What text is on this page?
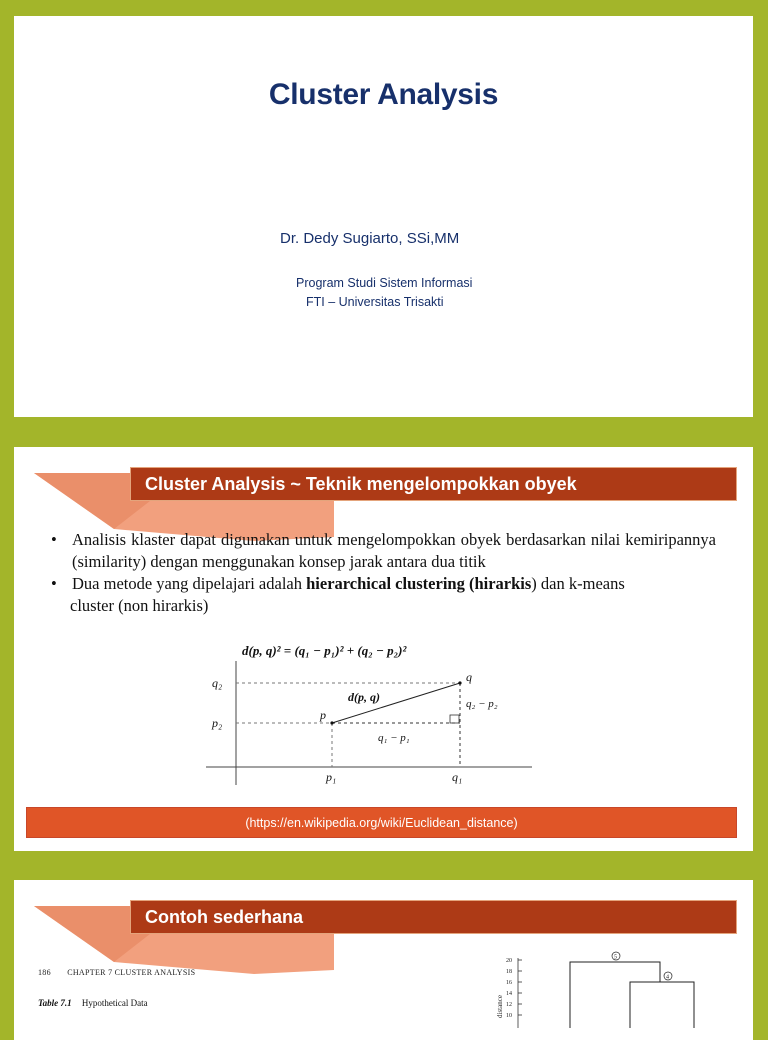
Cluster Analysis
Dr. Dedy Sugiarto, SSi,MM
Program Studi Sistem Informasi
FTI – Universitas Trisakti
Cluster Analysis ~ Teknik mengelompokkan obyek
• Analisis klaster dapat digunakan untuk mengelompokkan obyek berdasarkan nilai kemiripannya (similarity) dengan menggunakan konsep jarak antara dua titik
• Dua metode yang dipelajari adalah hierarchical clustering (hirarkis) dan k-means
cluster (non hirarkis)
d(p, q)² = (q₁ − p₁)² + (q₂ − p₂)²
q₂
p₂
p₁	q₁
p
q
d(p, q)
q₁ − p₁
q₂ − p₂
(https://en.wikipedia.org/wiki/Euclidean_distance)
Contoh sederhana
186 CHAPTER 7 CLUSTER ANALYSIS
Table 7.1 Hypothetical Data	distance
20
18
16
14
12
10
5
4
